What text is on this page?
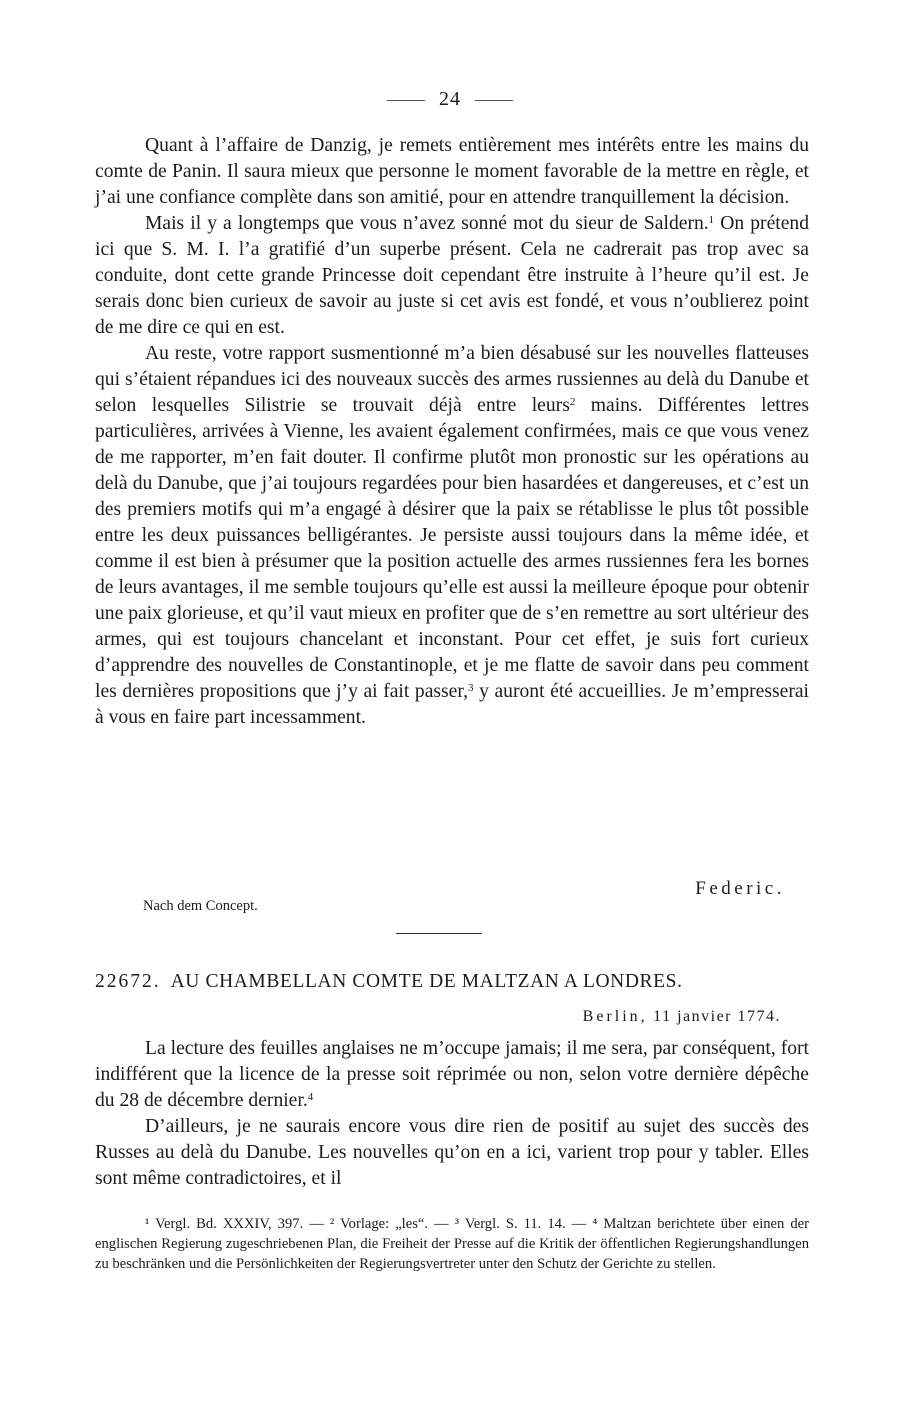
24

Quant à l’affaire de Danzig, je remets entièrement mes intérêts entre les mains du comte de Panin. Il saura mieux que personne le moment favorable de la mettre en règle, et j’ai une confiance complète dans son amitié, pour en attendre tranquillement la décision.

Mais il y a longtemps que vous n’avez sonné mot du sieur de Saldern.$^1$ On prétend ici que S. M. I. l’a gratifié d’un superbe présent. Cela ne cadrerait pas trop avec sa conduite, dont cette grande Princesse doit cependant être instruite à l’heure qu’il est. Je serais donc bien curieux de savoir au juste si cet avis est fondé, et vous n’oublierez point de me dire ce qui en est.

Au reste, votre rapport susmentionné m’a bien désabusé sur les nouvelles flatteuses qui s’étaient répandues ici des nouveaux succès des armes russiennes au delà du Danube et selon lesquelles Silistrie se trouvait déjà entre leurs$^2$ mains. Différentes lettres particulières, arrivées à Vienne, les avaient également confirmées, mais ce que vous venez de me rapporter, m’en fait douter. Il confirme plutôt mon pronostic sur les opérations au delà du Danube, que j’ai toujours regardées pour bien hasardées et dangereuses, et c’est un des premiers motifs qui m’a engagé à désirer que la paix se rétablisse le plus tôt possible entre les deux puissances belligérantes. Je persiste aussi toujours dans la même idée, et comme il est bien à présumer que la position actuelle des armes russiennes fera les bornes de leurs avantages, il me semble toujours qu’elle est aussi la meilleure époque pour obtenir une paix glorieuse, et qu’il vaut mieux en profiter que de s’en remettre au sort ultérieur des armes, qui est toujours chancelant et inconstant. Pour cet effet, je suis fort curieux d’apprendre des nouvelles de Constantinople, et je me flatte de savoir dans peu comment les dernières propositions que j’y ai fait passer,$^3$ y auront été accueillies. Je m’empresserai à vous en faire part incessamment.

Federic.
Nach dem Concept.
22672. AU CHAMBELLAN COMTE DE MALTZAN A LONDRES.
Berlin, 11 janvier 1774.

La lecture des feuilles anglaises ne m’occupe jamais; il me sera, par conséquent, fort indifférent que la licence de la presse soit réprimée ou non, selon votre dernière dépêche du 28 de décembre dernier.$^4$

D’ailleurs, je ne saurais encore vous dire rien de positif au sujet des succès des Russes au delà du Danube. Les nouvelles qu’on en a ici, varient trop pour y tabler. Elles sont même contradictoires, et il

¹ Vergl. Bd. XXXIV, 397. — ² Vorlage: „les“. — ³ Vergl. S. 11. 14. — ⁴ Maltzan berichtete über einen der englischen Regierung zugeschriebenen Plan, die Freiheit der Presse auf die Kritik der öffentlichen Regierungshandlungen zu beschränken und die Persönlichkeiten der Regierungsvertreter unter den Schutz der Gerichte zu stellen.
